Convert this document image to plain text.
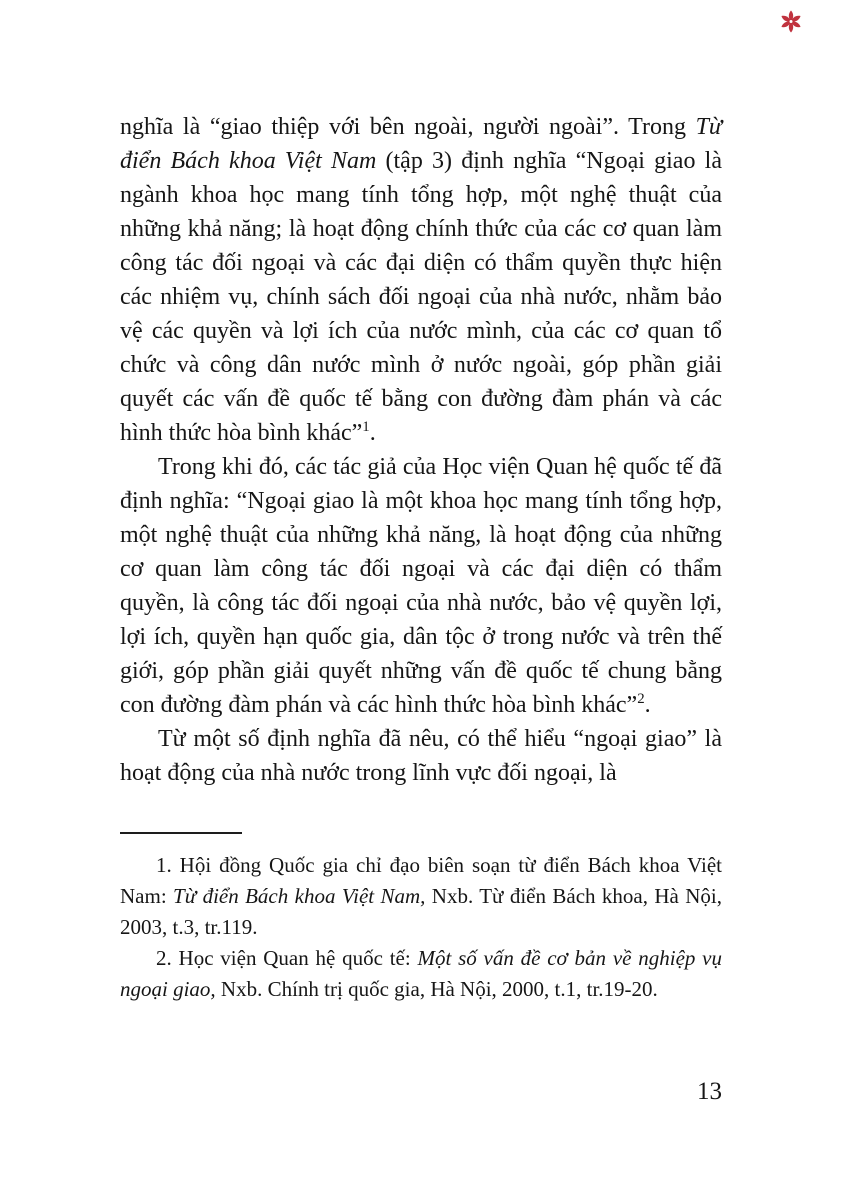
nghĩa là “giao thiệp với bên ngoài, người ngoài”. Trong Từ điển Bách khoa Việt Nam (tập 3) định nghĩa “Ngoại giao là ngành khoa học mang tính tổng hợp, một nghệ thuật của những khả năng; là hoạt động chính thức của các cơ quan làm công tác đối ngoại và các đại diện có thẩm quyền thực hiện các nhiệm vụ, chính sách đối ngoại của nhà nước, nhằm bảo vệ các quyền và lợi ích của nước mình, của các cơ quan tổ chức và công dân nước mình ở nước ngoài, góp phần giải quyết các vấn đề quốc tế bằng con đường đàm phán và các hình thức hòa bình khác”$^1$.

Trong khi đó, các tác giả của Học viện Quan hệ quốc tế đã định nghĩa: “Ngoại giao là một khoa học mang tính tổng hợp, một nghệ thuật của những khả năng, là hoạt động của những cơ quan làm công tác đối ngoại và các đại diện có thẩm quyền, là công tác đối ngoại của nhà nước, bảo vệ quyền lợi, lợi ích, quyền hạn quốc gia, dân tộc ở trong nước và trên thế giới, góp phần giải quyết những vấn đề quốc tế chung bằng con đường đàm phán và các hình thức hòa bình khác”$^2$.

Từ một số định nghĩa đã nêu, có thể hiểu “ngoại giao” là hoạt động của nhà nước trong lĩnh vực đối ngoại, là

1. Hội đồng Quốc gia chỉ đạo biên soạn từ điển Bách khoa Việt Nam: Từ điển Bách khoa Việt Nam, Nxb. Từ điển Bách khoa, Hà Nội, 2003, t.3, tr.119.

2. Học viện Quan hệ quốc tế: Một số vấn đề cơ bản về nghiệp vụ ngoại giao, Nxb. Chính trị quốc gia, Hà Nội, 2000, t.1, tr.19-20.

13
